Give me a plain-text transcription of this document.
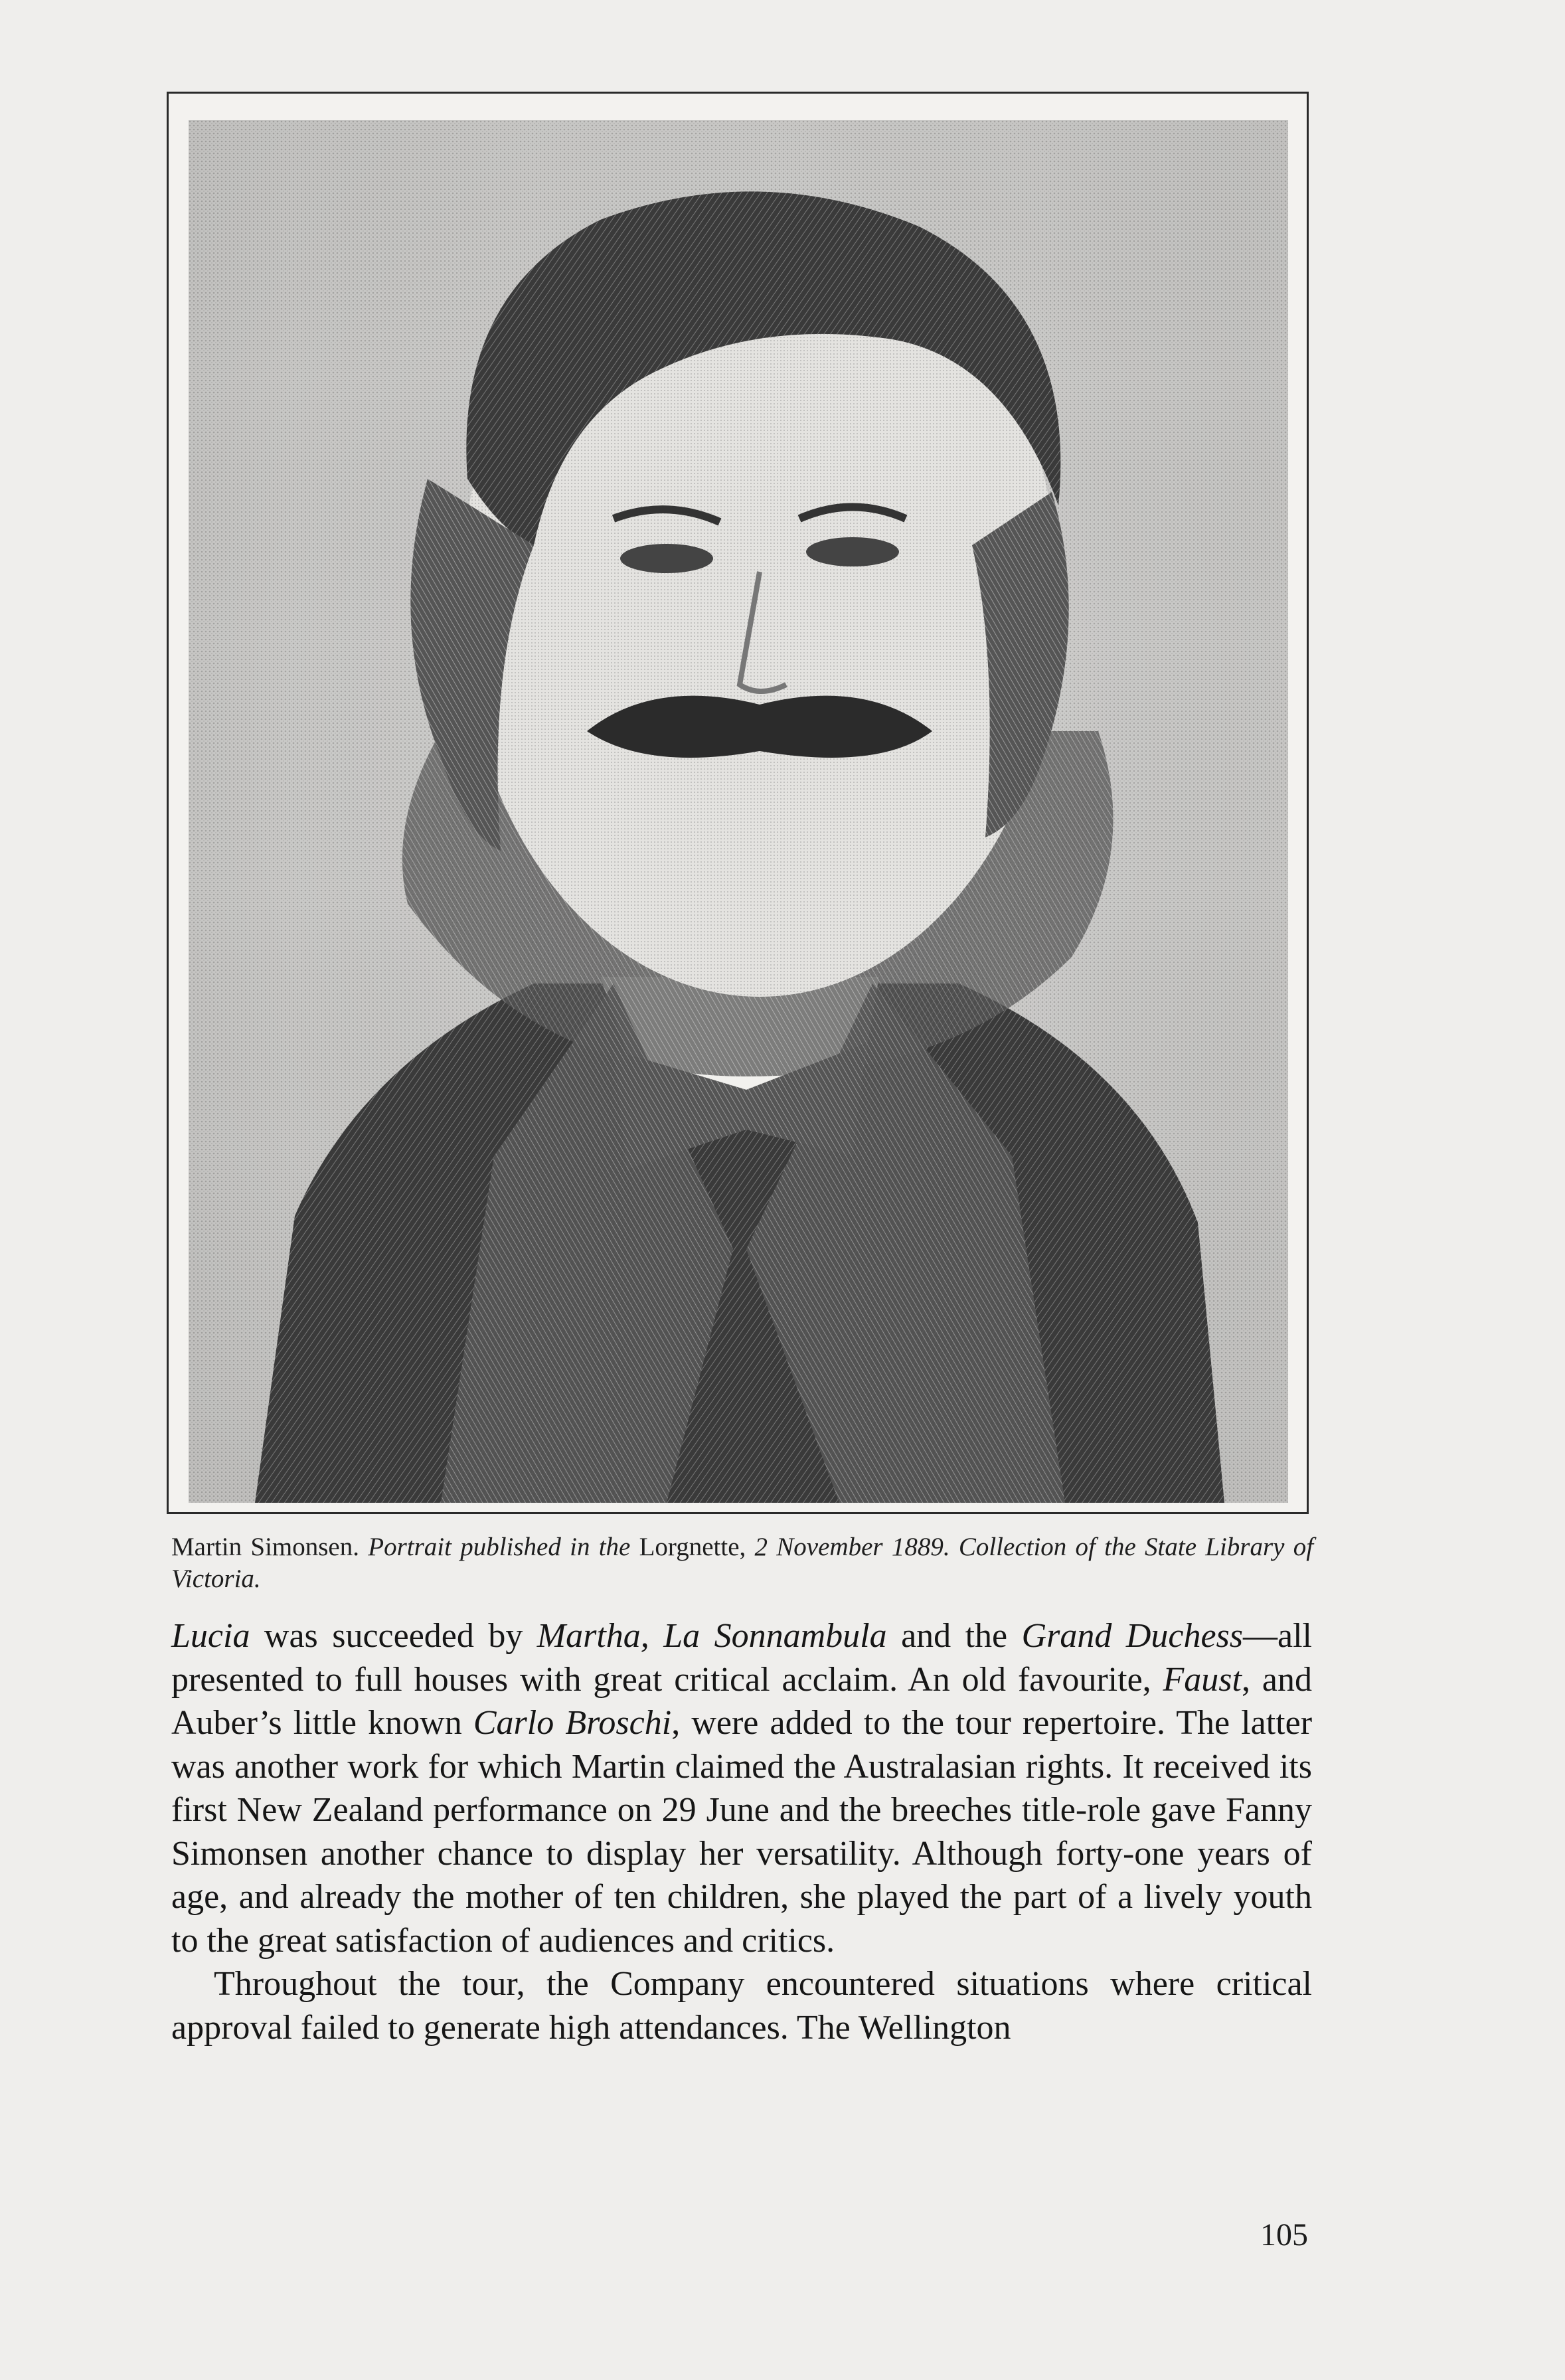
Martin Simonsen. Portrait published in the Lorgnette, 2 November 1889. Collection of the State Library of Victoria.

Lucia was succeeded by Martha, La Sonnambula and the Grand Duchess—all presented to full houses with great critical acclaim. An old favourite, Faust, and Auber’s little known Carlo Broschi, were added to the tour repertoire. The latter was another work for which Martin claimed the Australasian rights. It received its first New Zealand performance on 29 June and the breeches title-role gave Fanny Simonsen another chance to display her versatility. Although forty-one years of age, and already the mother of ten children, she played the part of a lively youth to the great satisfaction of audiences and critics.

Throughout the tour, the Company encountered situations where critical approval failed to generate high attendances. The Wellington

105
